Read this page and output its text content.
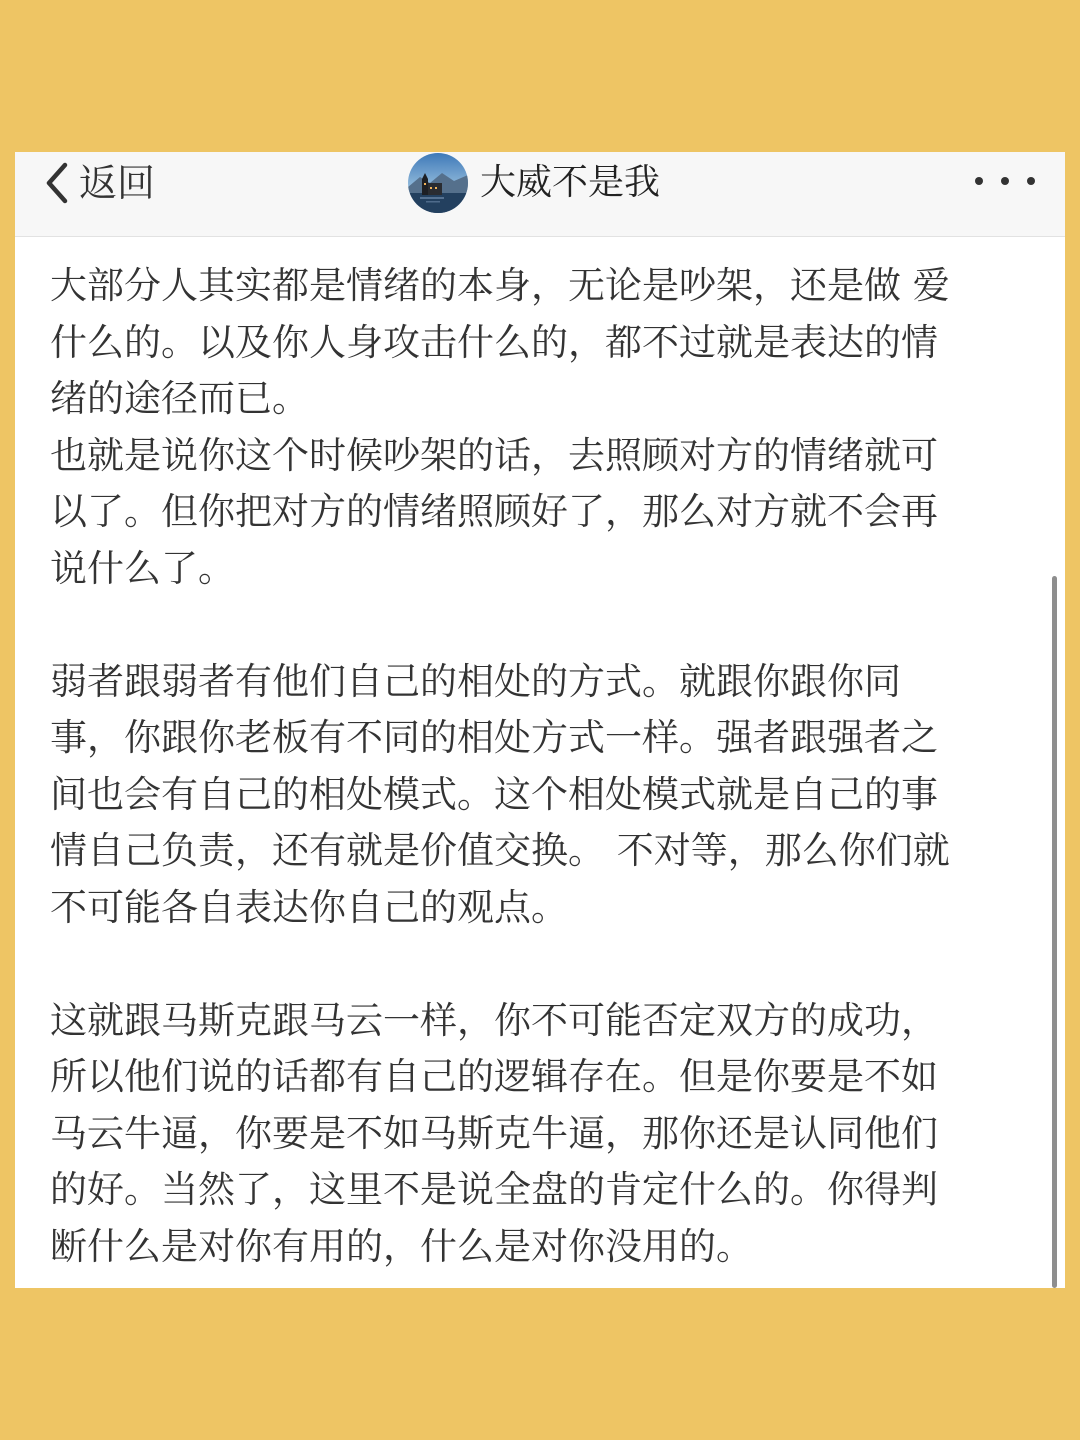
返回	大威不是我
大部分人其实都是情绪的本身，无论是吵架，还是做 爱
什么的。以及你人身攻击什么的，都不过就是表达的情
绪的途径而已。
也就是说你这个时候吵架的话，去照顾对方的情绪就可
以了。但你把对方的情绪照顾好了，那么对方就不会再
说什么了。
弱者跟弱者有他们自己的相处的方式。就跟你跟你同
事，你跟你老板有不同的相处方式一样。强者跟强者之
间也会有自己的相处模式。这个相处模式就是自己的事
情自己负责，还有就是价值交换。 不对等，那么你们就
不可能各自表达你自己的观点。
这就跟马斯克跟马云一样，你不可能否定双方的成功，
所以他们说的话都有自己的逻辑存在。但是你要是不如
马云牛逼，你要是不如马斯克牛逼，那你还是认同他们
的好。当然了，这里不是说全盘的肯定什么的。你得判
断什么是对你有用的，什么是对你没用的。
